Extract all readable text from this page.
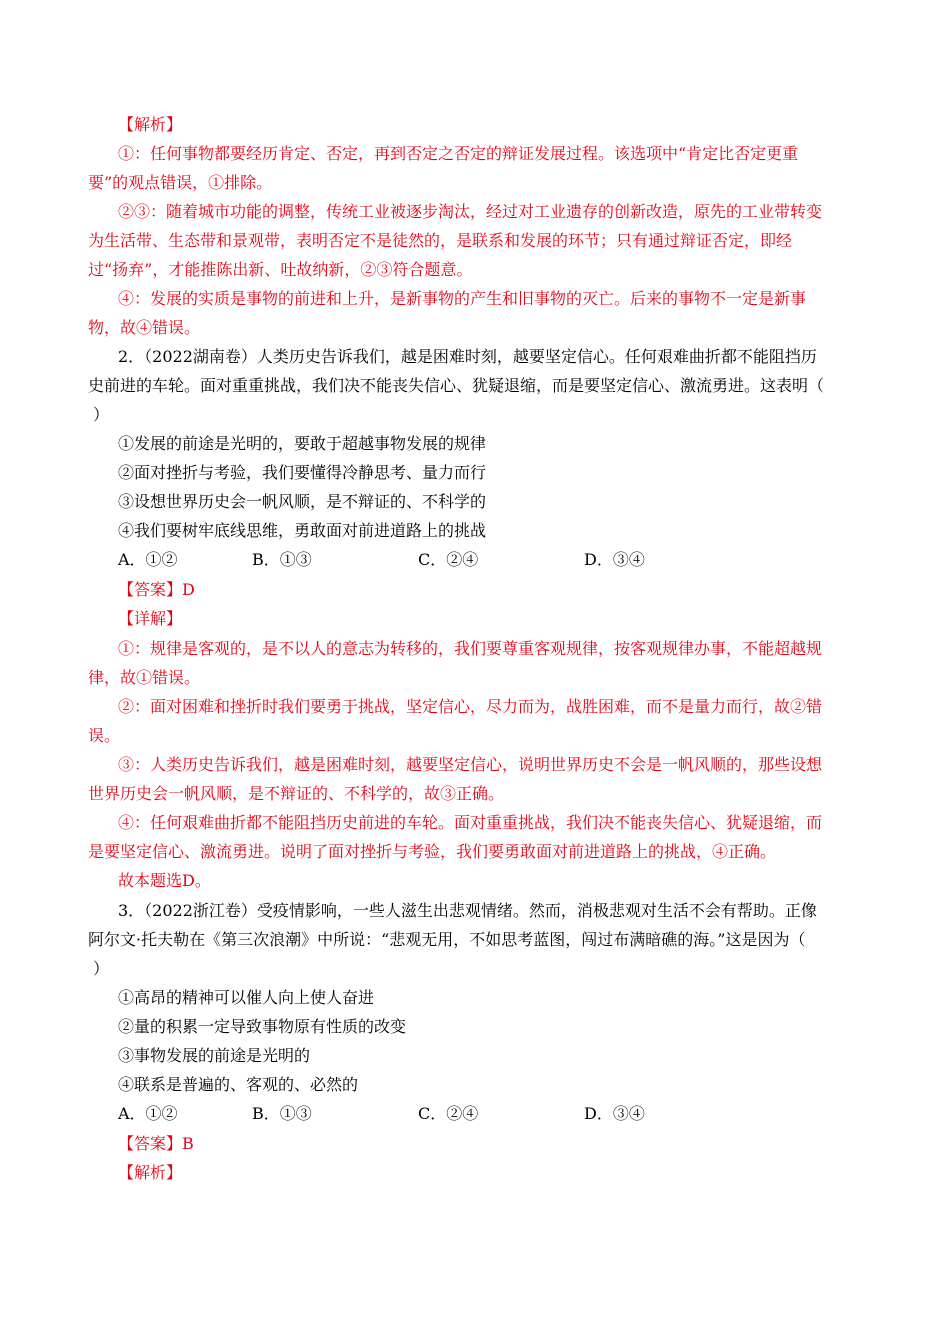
【解析】
①：任何事物都要经历肯定、否定，再到否定之否定的辩证发展过程。该选项中“肯定比否定更重
要”的观点错误，①排除。
②③：随着城市功能的调整，传统工业被逐步淘汰，经过对工业遗存的创新改造，原先的工业带转变
为生活带、生态带和景观带，表明否定不是徒然的，是联系和发展的环节；只有通过辩证否定，即经
过“扬弃”，才能推陈出新、吐故纳新，②③符合题意。
④：发展的实质是事物的前进和上升，是新事物的产生和旧事物的灭亡。后来的事物不一定是新事
物，故④错误。
2．（2022湖南卷）人类历史告诉我们，越是困难时刻，越要坚定信心。任何艰难曲折都不能阻挡历
史前进的车轮。面对重重挑战，我们决不能丧失信心、犹疑退缩，而是要坚定信心、激流勇进。这表明（
）
①发展的前途是光明的，要敢于超越事物发展的规律
②面对挫折与考验，我们要懂得冷静思考、量力而行
③设想世界历史会一帆风顺，是不辩证的、不科学的
④我们要树牢底线思维，勇敢面对前进道路上的挑战
A．①②	B．①③	C．②④	D．③④
【答案】D
【详解】
①：规律是客观的，是不以人的意志为转移的，我们要尊重客观规律，按客观规律办事，不能超越规
律，故①错误。
②：面对困难和挫折时我们要勇于挑战，坚定信心，尽力而为，战胜困难，而不是量力而行，故②错
误。
③：人类历史告诉我们，越是困难时刻，越要坚定信心，说明世界历史不会是一帆风顺的，那些设想
世界历史会一帆风顺，是不辩证的、不科学的，故③正确。
④：任何艰难曲折都不能阻挡历史前进的车轮。面对重重挑战，我们决不能丧失信心、犹疑退缩，而
是要坚定信心、激流勇进。说明了面对挫折与考验，我们要勇敢面对前进道路上的挑战，④正确。
故本题选D。
3．（2022浙江卷）受疫情影响，一些人滋生出悲观情绪。然而，消极悲观对生活不会有帮助。正像
阿尔文·托夫勒在《第三次浪潮》中所说：“悲观无用，不如思考蓝图，闯过布满暗礁的海。”这是因为（
）
①高昂的精神可以催人向上使人奋进
②量的积累一定导致事物原有性质的改变
③事物发展的前途是光明的
④联系是普遍的、客观的、必然的
A．①②	B．①③	C．②④	D．③④
【答案】B
【解析】
